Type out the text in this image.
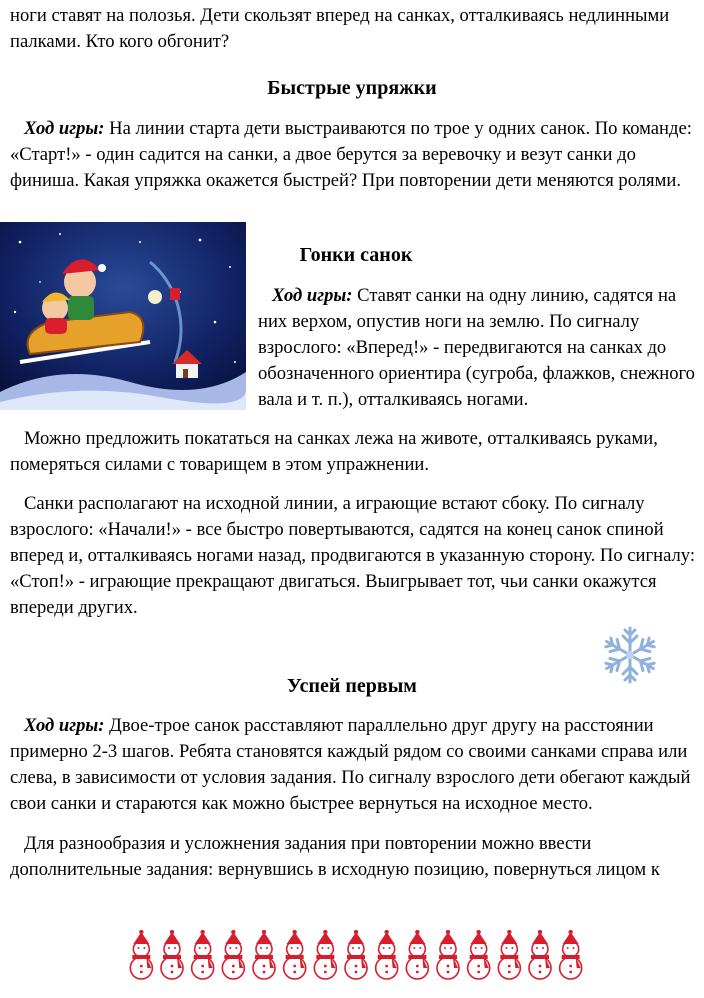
ноги ставят на полозья. Дети скользят вперед на санках, отталкиваясь недлинными палками. Кто кого обгонит?

Быстрые упряжки

Ход игры: На линии старта дети выстраиваются по трое у одних санок. По команде: «Старт!» - один садится на санки, а двое берутся за веревочку и везут санки до финиша. Какая упряжка окажется быстрей? При повторении дети меняются ролями.

Гонки санок

Ход игры: Ставят санки на одну линию, садятся на них верхом, опустив ноги на землю. По сигналу взрослого: «Вперед!» - передвигаются на санках до обозначенного ориентира (сугроба, флажков, снежного вала и т. п.), отталкиваясь ногами.

Можно предложить покататься на санках лежа на животе, отталкиваясь руками, померяться силами с товарищем в этом упражнении.

Санки располагают на исходной линии, а играющие встают сбоку. По сигналу взрослого: «Начали!» - все быстро повертываются, садятся на конец санок спиной вперед и, отталкиваясь ногами назад, продвигаются в указанную сторону. По сигналу: «Стоп!» - играющие прекращают двигаться. Выигрывает тот, чьи санки окажутся впереди других.

Успей первым

Ход игры: Двое-трое санок расставляют параллельно друг другу на расстоянии примерно 2-3 шагов. Ребята становятся каждый рядом со своими санками справа или слева, в зависимости от условия задания. По сигналу взрослого дети обегают каждый свои санки и стараются как можно быстрее вернуться на исходное место.

Для разнообразия и усложнения задания при повторении можно ввести дополнительные задания: вернувшись в исходную позицию, повернуться лицом к
